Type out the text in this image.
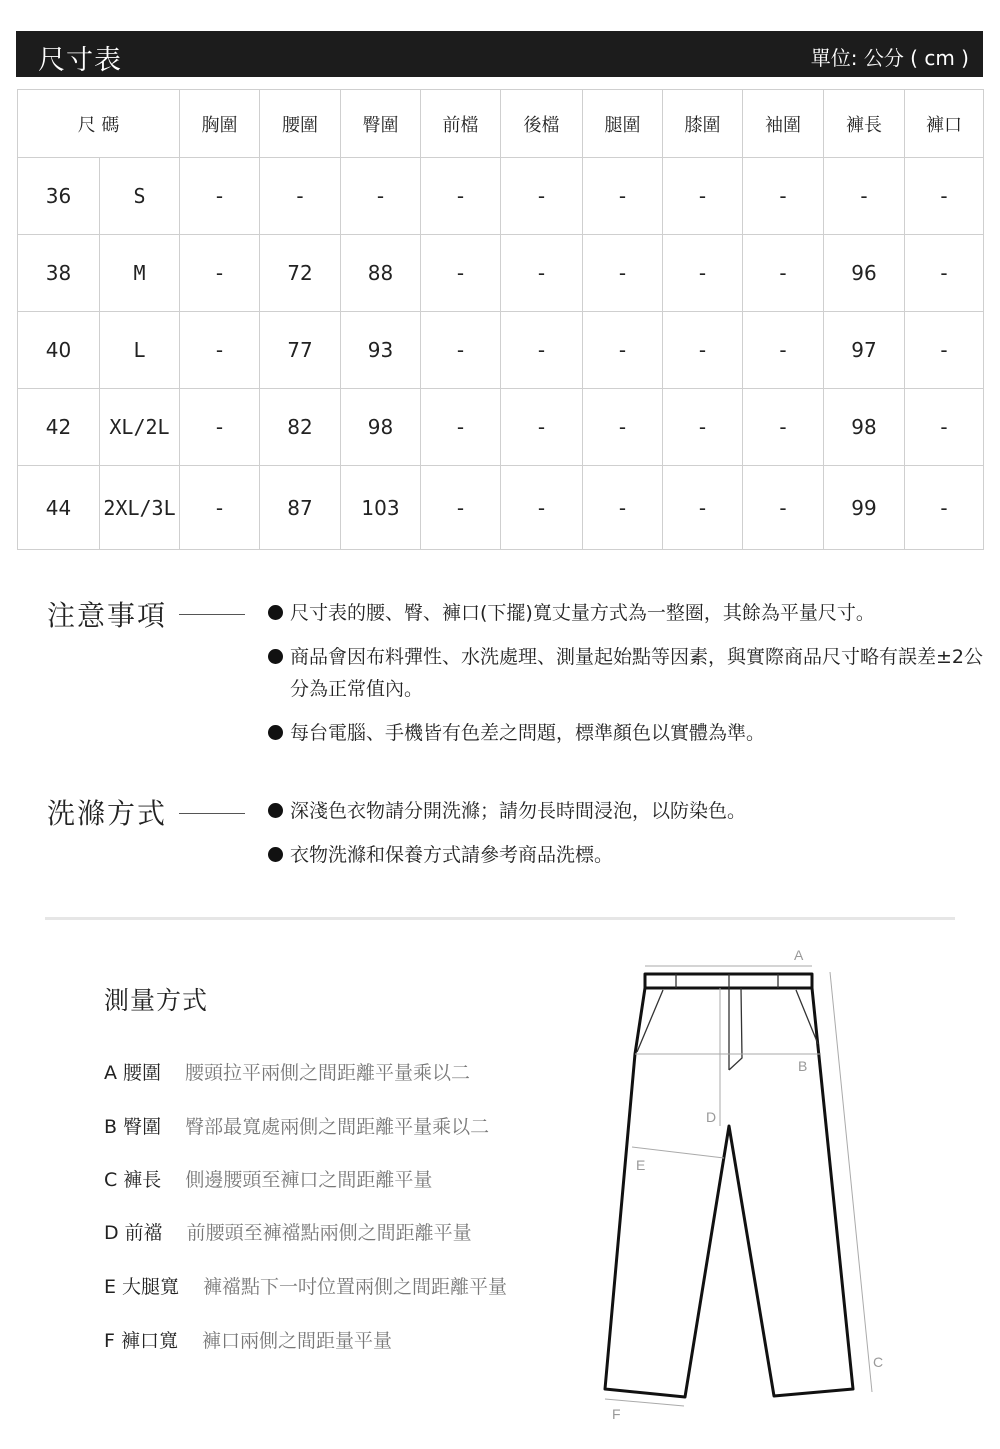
尺寸表	單位: 公分 ( cm )
尺 碼		胸圍	腰圍	臀圍	前檔	後檔	腿圍	膝圍	袖圍	褲長	褲口
36	S	-	-	-	-	-	-	-	-	-	-
38	M	-	72	88	-	-	-	-	-	96	-
40	L	-	77	93	-	-	-	-	-	97	-
42	XL/2L	-	82	98	-	-	-	-	-	98	-
44	2XL/3L	-	87	103	-	-	-	-	-	99	-
注意事項	尺寸表的腰、臀、褲口(下擺)寬丈量方式為一整圈，其餘為平量尺寸。
商品會因布料彈性、水洗處理、測量起始點等因素，與實際商品尺寸略有誤差±2公分為正常值內。
每台電腦、手機皆有色差之問題，標準顏色以實體為準。
洗滌方式	深淺色衣物請分開洗滌；請勿長時間浸泡，以防染色。
衣物洗滌和保養方式請參考商品洗標。
測量方式
A 腰圍 腰頭拉平兩側之間距離平量乘以二
B 臀圍 臀部最寬處兩側之間距離平量乘以二
C 褲長 側邊腰頭至褲口之間距離平量
D 前襠 前腰頭至褲襠點兩側之間距離平量
E 大腿寬 褲襠點下一吋位置兩側之間距離平量
F 褲口寬 褲口兩側之間距量平量
A
B
C
D
E
F
